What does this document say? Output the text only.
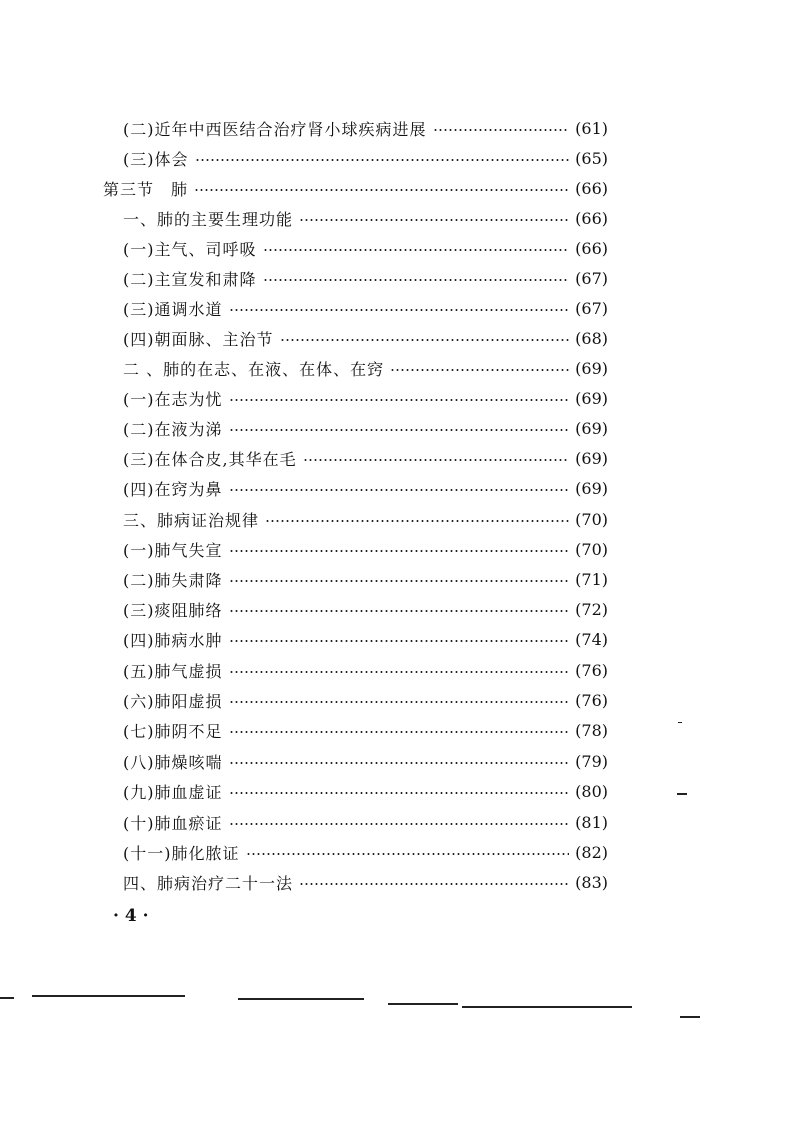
(二)近年中西医结合治疗肾小球疾病进展	(61)
(三)体会	(65)
第三节　肺	(66)
一、肺的主要生理功能	(66)
(一)主气、司呼吸	(66)
(二)主宣发和肃降	(67)
(三)通调水道	(67)
(四)朝面脉、主治节	(68)
二 、肺的在志、在液、在体、在窍	(69)
(一)在志为忧	(69)
(二)在液为涕	(69)
(三)在体合皮,其华在毛	(69)
(四)在窍为鼻	(69)
三、肺病证治规律	(70)
(一)肺气失宣	(70)
(二)肺失肃降	(71)
(三)痰阻肺络	(72)
(四)肺病水肿	(74)
(五)肺气虚损	(76)
(六)肺阳虚损	(76)
(七)肺阴不足	(78)
(八)肺燥咳喘	(79)
(九)肺血虚证	(80)
(十)肺血瘀证	(81)
(十一)肺化脓证	(82)
四、肺病治疗二十一法	(83)
· 4 ·
